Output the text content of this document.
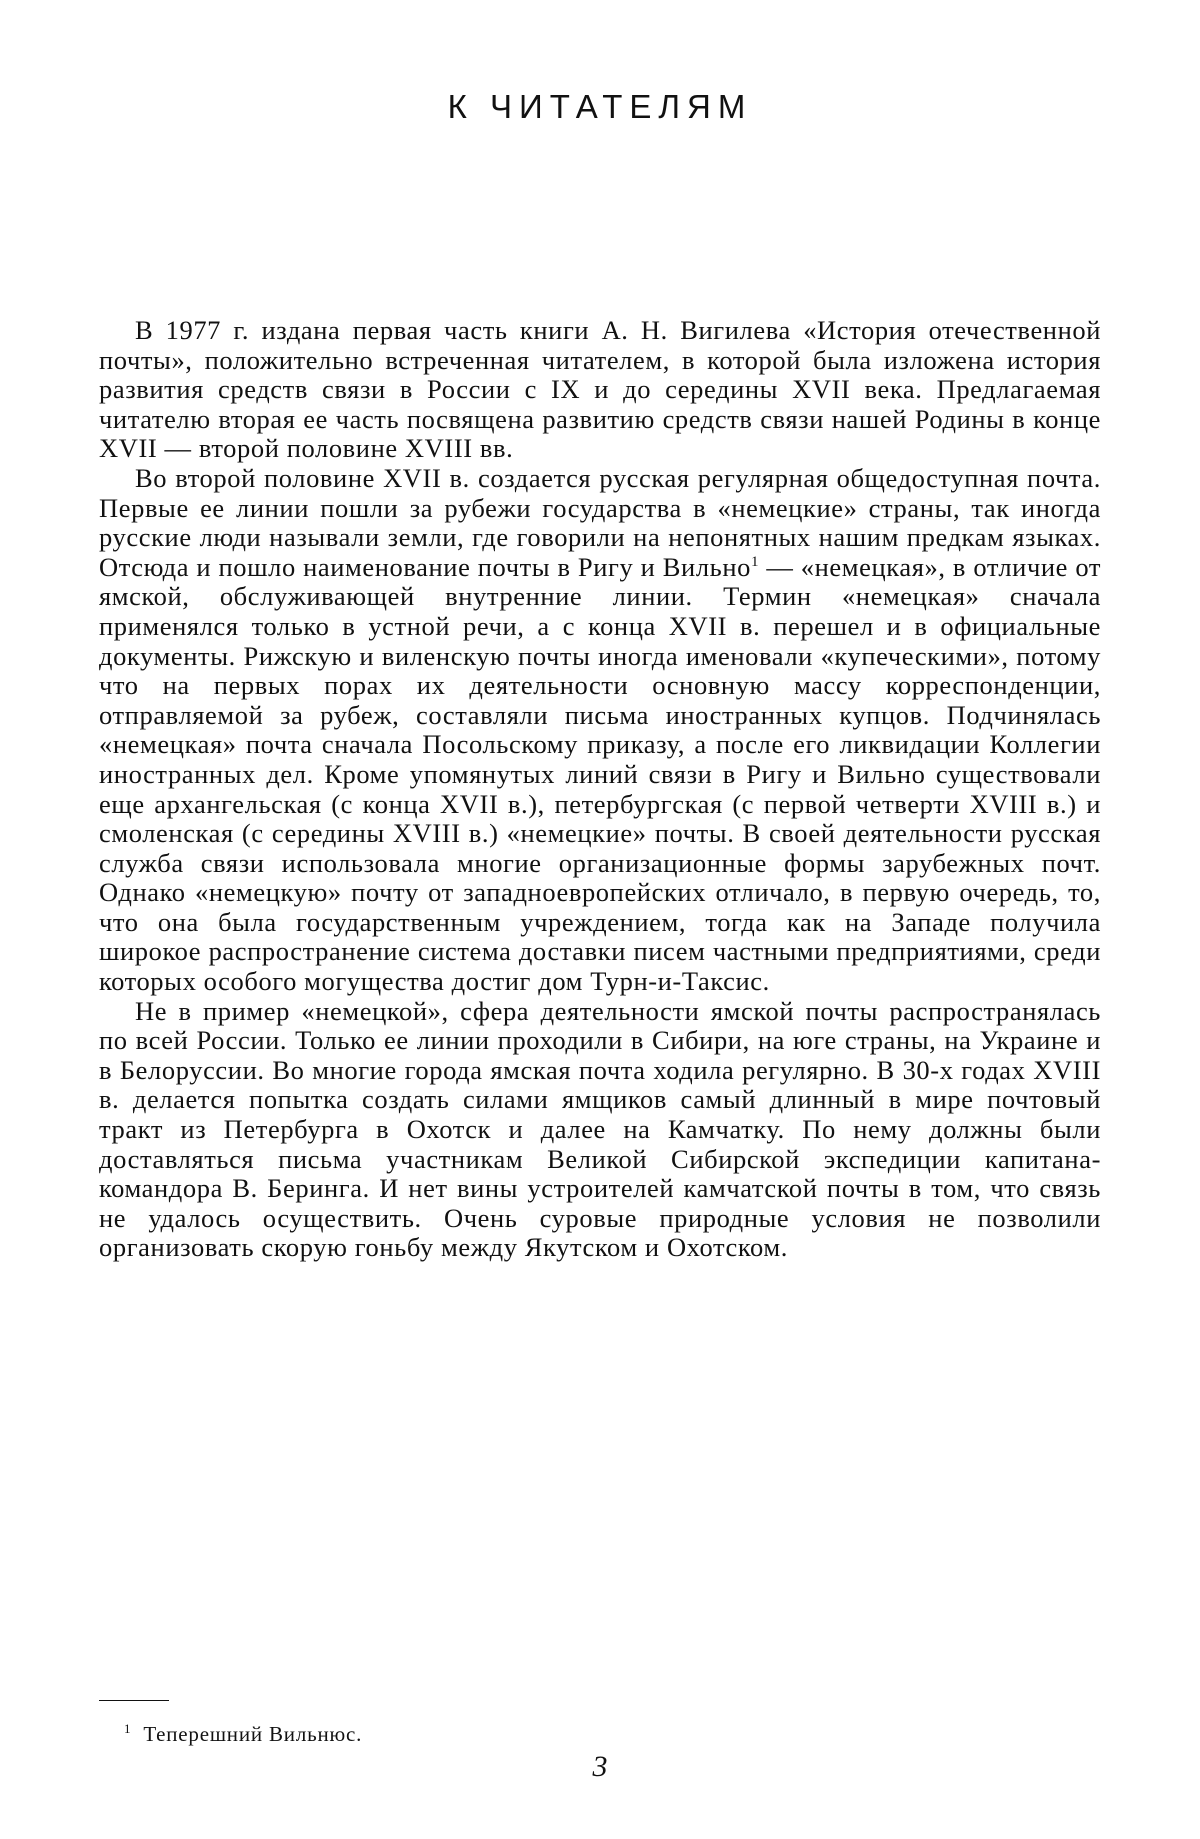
К ЧИТАТЕЛЯМ

В 1977 г. издана первая часть книги А. Н. Вигилева «История отечественной почты», положительно встреченная читателем, в которой была изложена история развития средств связи в России с IX и до середины XVII века. Предлагаемая читателю вторая ее часть посвящена развитию средств связи нашей Родины в конце XVII — второй половине XVIII вв.

Во второй половине XVII в. создается русская регулярная общедоступная почта. Первые ее линии пошли за рубежи государства в «немецкие» страны, так иногда русские люди называли земли, где говорили на непонятных нашим предкам языках. Отсюда и пошло наименование почты в Ригу и Вильно$^1$ — «немецкая», в отличие от ямской, обслуживающей внутренние линии. Термин «немецкая» сначала применялся только в устной речи, а с конца XVII в. перешел и в официальные документы. Рижскую и виленскую почты иногда именовали «купеческими», потому что на первых порах их деятельности основную массу корреспонденции, отправляемой за рубеж, составляли письма иностранных купцов. Подчинялась «немецкая» почта сначала Посольскому приказу, а после его ликвидации Коллегии иностранных дел. Кроме упомянутых линий связи в Ригу и Вильно существовали еще архангельская (с конца XVII в.), петербургская (с первой четверти XVIII в.) и смоленская (с середины XVIII в.) «немецкие» почты. В своей деятельности русская служба связи использовала многие организационные формы зарубежных почт. Однако «немецкую» почту от западноевропейских отличало, в первую очередь, то, что она была государственным учреждением, тогда как на Западе получила широкое распространение система доставки писем частными предприятиями, среди которых особого могущества достиг дом Турн-и-Таксис.

Не в пример «немецкой», сфера деятельности ямской почты распространялась по всей России. Только ее линии проходили в Сибири, на юге страны, на Украине и в Белоруссии. Во многие города ямская почта ходила регулярно. В 30-х годах XVIII в. делается попытка создать силами ямщиков самый длинный в мире почтовый тракт из Петербурга в Охотск и далее на Камчатку. По нему должны были доставляться письма участникам Великой Сибирской экспедиции капитана-командора В. Беринга. И нет вины устроителей камчатской почты в том, что связь не удалось осуществить. Очень суровые природные условия не позволили организовать скорую гоньбу между Якутском и Охотском.

$^1$ Теперешний Вильнюс.
3
